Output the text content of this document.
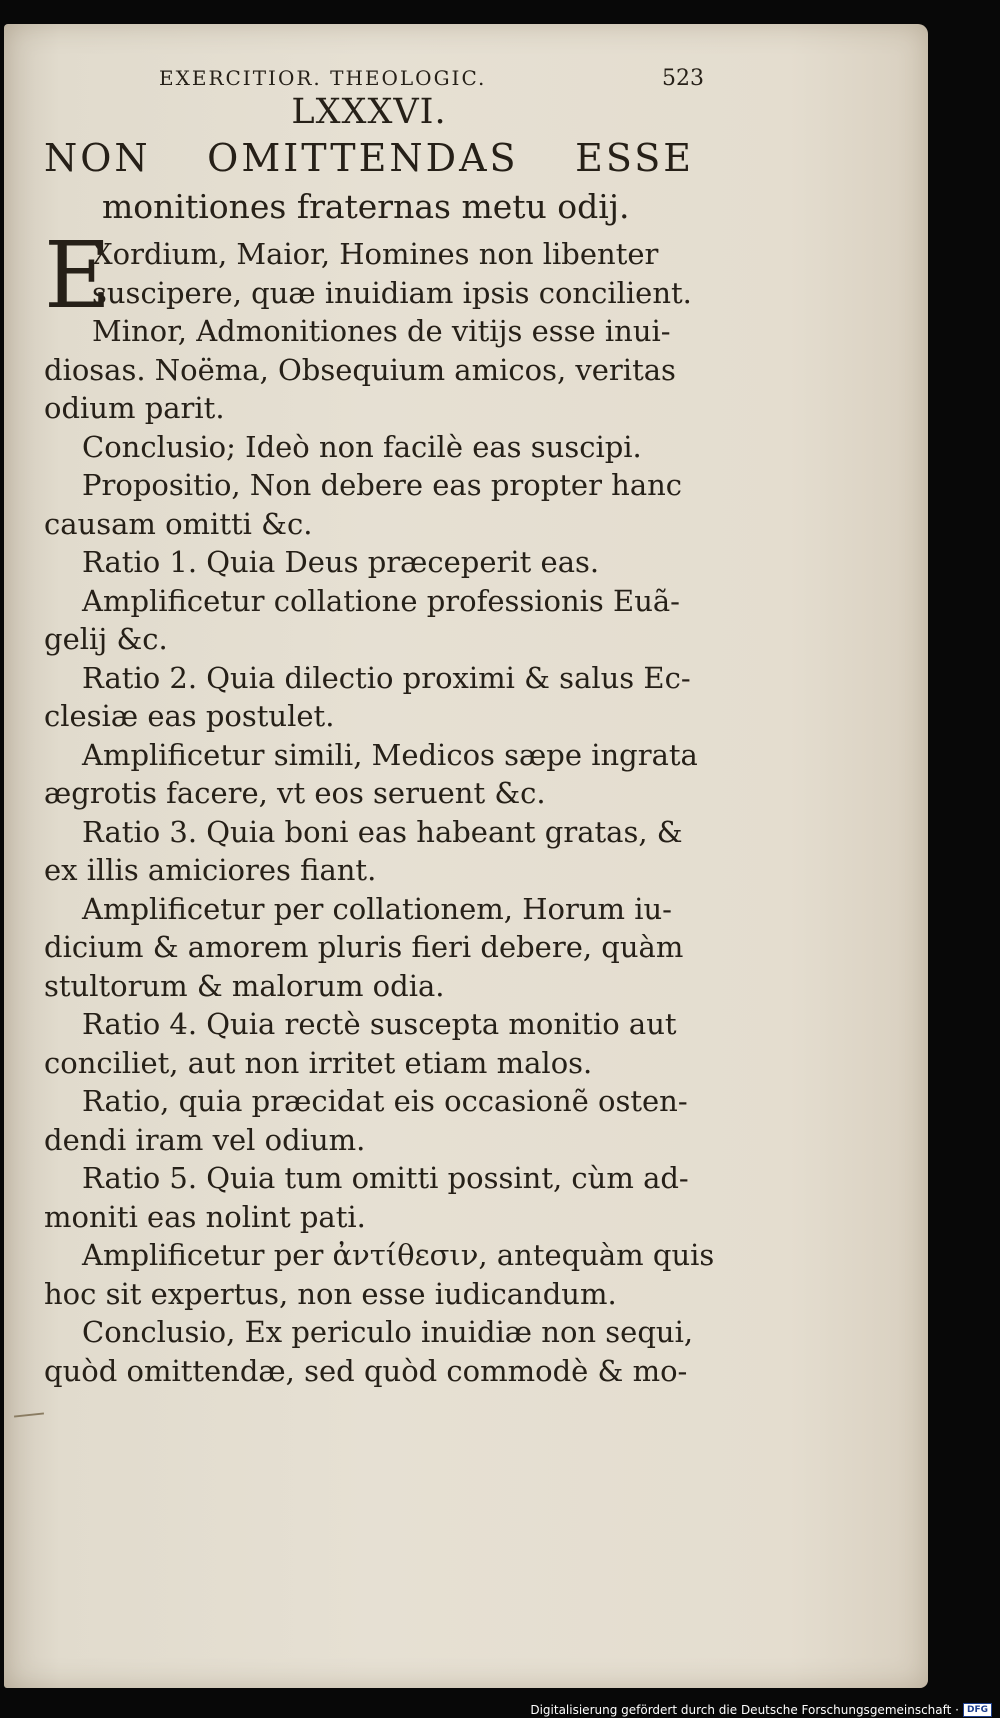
EXERCITIOR. THEOLOGIC.	523
LXXXVI.
NON OMITTENDAS ESSE
monitiones fraternas metu odij.

E
Xordium, Maior, Homines non libenter
suscipere, quæ inuidiam ipsis concilient.

Minor, Admonitiones de vitijs esse inui-
diosas. Noëma, Obsequium amicos, veritas
odium parit.

Conclusio; Ideò non facilè eas suscipi.

Propositio, Non debere eas propter hanc
causam omitti &c.

Ratio 1. Quia Deus præceperit eas.

Amplificetur collatione professionis Euã-
gelij &c.

Ratio 2. Quia dilectio proximi & salus Ec-
clesiæ eas postulet.

Amplificetur simili, Medicos sæpe ingrata
ægrotis facere, vt eos seruent &c.

Ratio 3. Quia boni eas habeant gratas, &
ex illis amiciores fiant.

Amplificetur per collationem, Horum iu-
dicium & amorem pluris fieri debere, quàm
stultorum & malorum odia.

Ratio 4. Quia rectè suscepta monitio aut
conciliet, aut non irritet etiam malos.

Ratio, quia præcidat eis occasionẽ osten-
dendi iram vel odium.

Ratio 5. Quia tum omitti possint, cùm ad-
moniti eas nolint pati.

Amplificetur per ἀντίθεσιν, antequàm quis
hoc sit expertus, non esse iudicandum.

Conclusio, Ex periculo inuidiæ non sequi,
quòd omittendæ, sed quòd commodè & mo-

Digitalisierung gefördert durch die Deutsche Forschungsgemeinschaft · DFG
